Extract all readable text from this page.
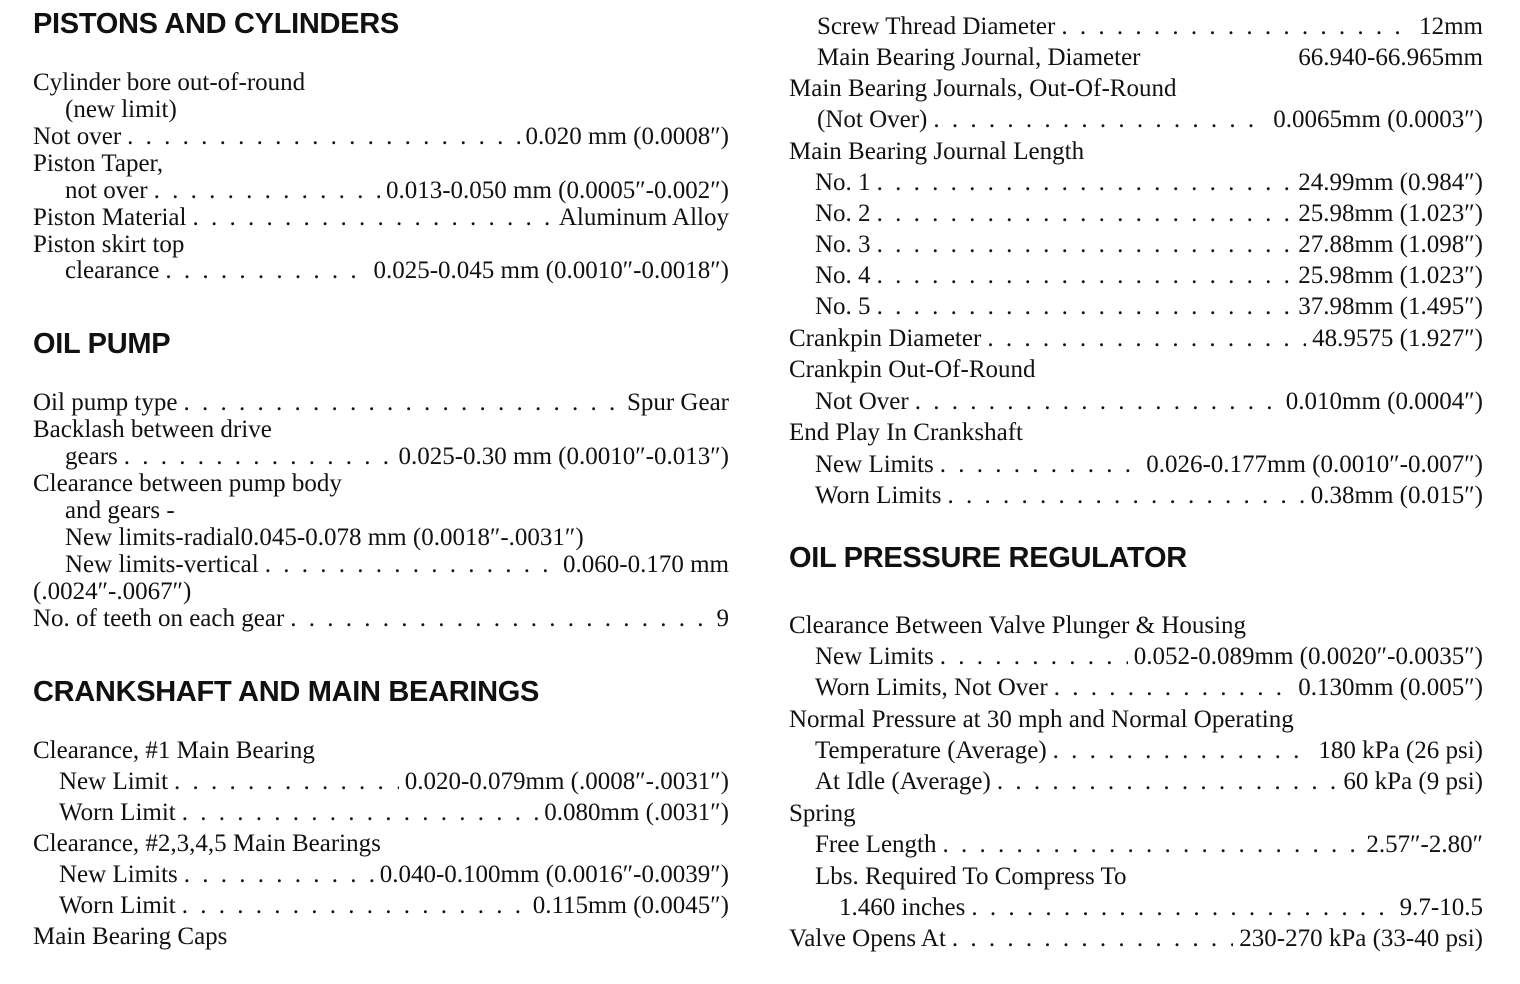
PISTONS AND CYLINDERS
Cylinder bore out-of-round
(new limit)
Not over . . .	0.020 mm (0.0008″)
Piston Taper,
not over . . .	0.013-0.050 mm (0.0005″-0.002″)
Piston Material . . .	Aluminum Alloy
Piston skirt top
clearance . . .	0.025-0.045 mm (0.0010″-0.0018″)
OIL PUMP
Oil pump type . . .	Spur Gear
Backlash between drive
gears . . .	0.025-0.30 mm (0.0010″-0.013″)
Clearance between pump body
and gears -
New limits-radial0.045-0.078 mm (0.0018″-.0031″)
New limits-vertical . . .	0.060-0.170 mm
(.0024″-.0067″)
No. of teeth on each gear . . .	9
CRANKSHAFT AND MAIN BEARINGS
Clearance, #1 Main Bearing
New Limit . . .	0.020-0.079mm (.0008″-.0031″)
Worn Limit . . .	0.080mm (.0031″)
Clearance, #2,3,4,5 Main Bearings
New Limits . . .	0.040-0.100mm (0.0016″-0.0039″)
Worn Limit . . .	0.115mm (0.0045″)
Main Bearing Caps
Screw Thread Diameter . . .	12mm
Main Bearing Journal, Diameter	66.940-66.965mm
Main Bearing Journals, Out-Of-Round
(Not Over) . . .	0.0065mm (0.0003″)
Main Bearing Journal Length
No. 1 . . .	24.99mm (0.984″)
No. 2 . . .	25.98mm (1.023″)
No. 3 . . .	27.88mm (1.098″)
No. 4 . . .	25.98mm (1.023″)
No. 5 . . .	37.98mm (1.495″)
Crankpin Diameter . . .	48.9575 (1.927″)
Crankpin Out-Of-Round
Not Over . . .	0.010mm (0.0004″)
End Play In Crankshaft
New Limits . . .	0.026-0.177mm (0.0010″-0.007″)
Worn Limits . . .	0.38mm (0.015″)
OIL PRESSURE REGULATOR
Clearance Between Valve Plunger & Housing
New Limits . . .	0.052-0.089mm (0.0020″-0.0035″)
Worn Limits, Not Over . . .	0.130mm (0.005″)
Normal Pressure at 30 mph and Normal Operating
Temperature (Average) . . .	180 kPa (26 psi)
At Idle (Average) . . .	60 kPa (9 psi)
Spring
Free Length . . .	2.57″-2.80″
Lbs. Required To Compress To
1.460 inches . . .	9.7-10.5
Valve Opens At . . .	230-270 kPa (33-40 psi)
